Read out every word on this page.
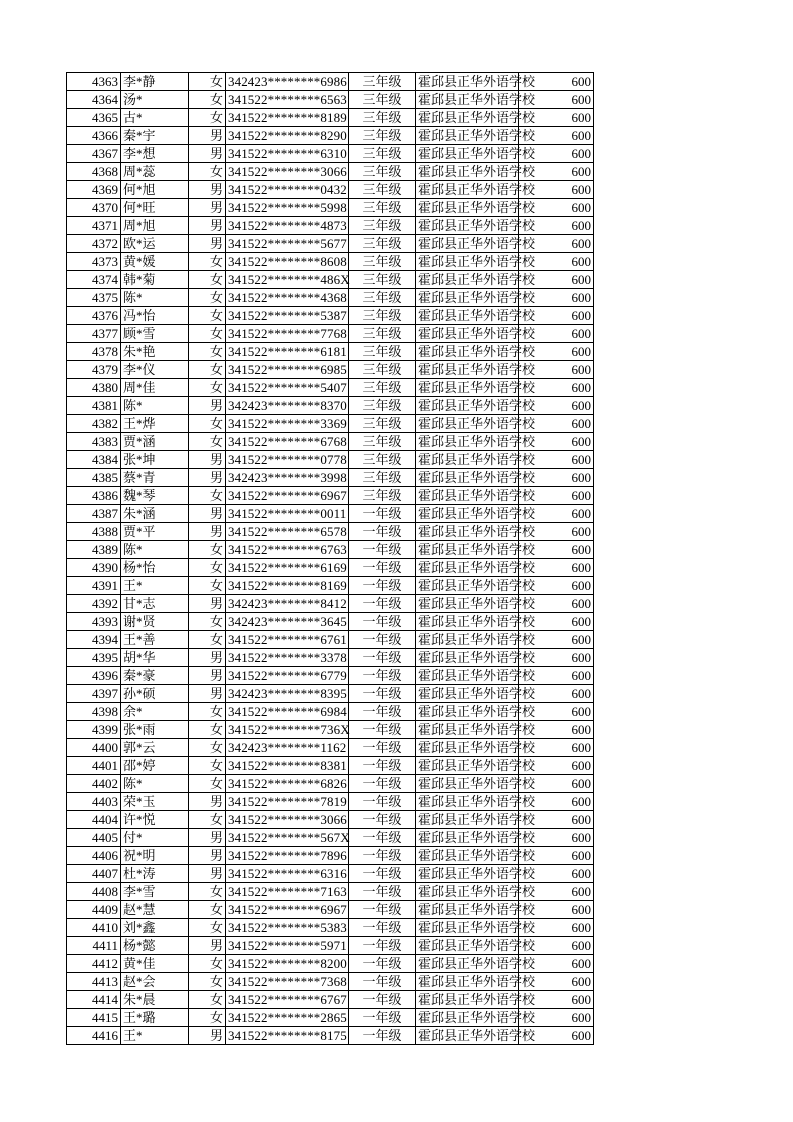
4363	李*静	女	342423********6986	三年级	霍邱县正华外语学校	600
4364	汤*	女	341522********6563	三年级	霍邱县正华外语学校	600
4365	古*	女	341522********8189	三年级	霍邱县正华外语学校	600
4366	秦*宇	男	341522********8290	三年级	霍邱县正华外语学校	600
4367	李*想	男	341522********6310	三年级	霍邱县正华外语学校	600
4368	周*蕊	女	341522********3066	三年级	霍邱县正华外语学校	600
4369	何*旭	男	341522********0432	三年级	霍邱县正华外语学校	600
4370	何*旺	男	341522********5998	三年级	霍邱县正华外语学校	600
4371	周*旭	男	341522********4873	三年级	霍邱县正华外语学校	600
4372	欧*运	男	341522********5677	三年级	霍邱县正华外语学校	600
4373	黄*媛	女	341522********8608	三年级	霍邱县正华外语学校	600
4374	韩*菊	女	341522********486X	三年级	霍邱县正华外语学校	600
4375	陈*	女	341522********4368	三年级	霍邱县正华外语学校	600
4376	冯*怡	女	341522********5387	三年级	霍邱县正华外语学校	600
4377	顾*雪	女	341522********7768	三年级	霍邱县正华外语学校	600
4378	朱*艳	女	341522********6181	三年级	霍邱县正华外语学校	600
4379	李*仪	女	341522********6985	三年级	霍邱县正华外语学校	600
4380	周*佳	女	341522********5407	三年级	霍邱县正华外语学校	600
4381	陈*	男	342423********8370	三年级	霍邱县正华外语学校	600
4382	王*烨	女	341522********3369	三年级	霍邱县正华外语学校	600
4383	贾*涵	女	341522********6768	三年级	霍邱县正华外语学校	600
4384	张*坤	男	341522********0778	三年级	霍邱县正华外语学校	600
4385	蔡*青	男	342423********3998	三年级	霍邱县正华外语学校	600
4386	魏*琴	女	341522********6967	三年级	霍邱县正华外语学校	600
4387	朱*涵	男	341522********0011	一年级	霍邱县正华外语学校	600
4388	贾*平	男	341522********6578	一年级	霍邱县正华外语学校	600
4389	陈*	女	341522********6763	一年级	霍邱县正华外语学校	600
4390	杨*怡	女	341522********6169	一年级	霍邱县正华外语学校	600
4391	王*	女	341522********8169	一年级	霍邱县正华外语学校	600
4392	甘*志	男	342423********8412	一年级	霍邱县正华外语学校	600
4393	谢*贤	女	342423********3645	一年级	霍邱县正华外语学校	600
4394	王*善	女	341522********6761	一年级	霍邱县正华外语学校	600
4395	胡*华	男	341522********3378	一年级	霍邱县正华外语学校	600
4396	秦*豪	男	341522********6779	一年级	霍邱县正华外语学校	600
4397	孙*硕	男	342423********8395	一年级	霍邱县正华外语学校	600
4398	余*	女	341522********6984	一年级	霍邱县正华外语学校	600
4399	张*雨	女	341522********736X	一年级	霍邱县正华外语学校	600
4400	郭*云	女	342423********1162	一年级	霍邱县正华外语学校	600
4401	邵*婷	女	341522********8381	一年级	霍邱县正华外语学校	600
4402	陈*	女	341522********6826	一年级	霍邱县正华外语学校	600
4403	荣*玉	男	341522********7819	一年级	霍邱县正华外语学校	600
4404	许*悦	女	341522********3066	一年级	霍邱县正华外语学校	600
4405	付*	男	341522********567X	一年级	霍邱县正华外语学校	600
4406	祝*明	男	341522********7896	一年级	霍邱县正华外语学校	600
4407	杜*涛	男	341522********6316	一年级	霍邱县正华外语学校	600
4408	李*雪	女	341522********7163	一年级	霍邱县正华外语学校	600
4409	赵*慧	女	341522********6967	一年级	霍邱县正华外语学校	600
4410	刘*鑫	女	341522********5383	一年级	霍邱县正华外语学校	600
4411	杨*懿	男	341522********5971	一年级	霍邱县正华外语学校	600
4412	黄*佳	女	341522********8200	一年级	霍邱县正华外语学校	600
4413	赵*会	女	341522********7368	一年级	霍邱县正华外语学校	600
4414	朱*晨	女	341522********6767	一年级	霍邱县正华外语学校	600
4415	王*璐	女	341522********2865	一年级	霍邱县正华外语学校	600
4416	王*	男	341522********8175	一年级	霍邱县正华外语学校	600
